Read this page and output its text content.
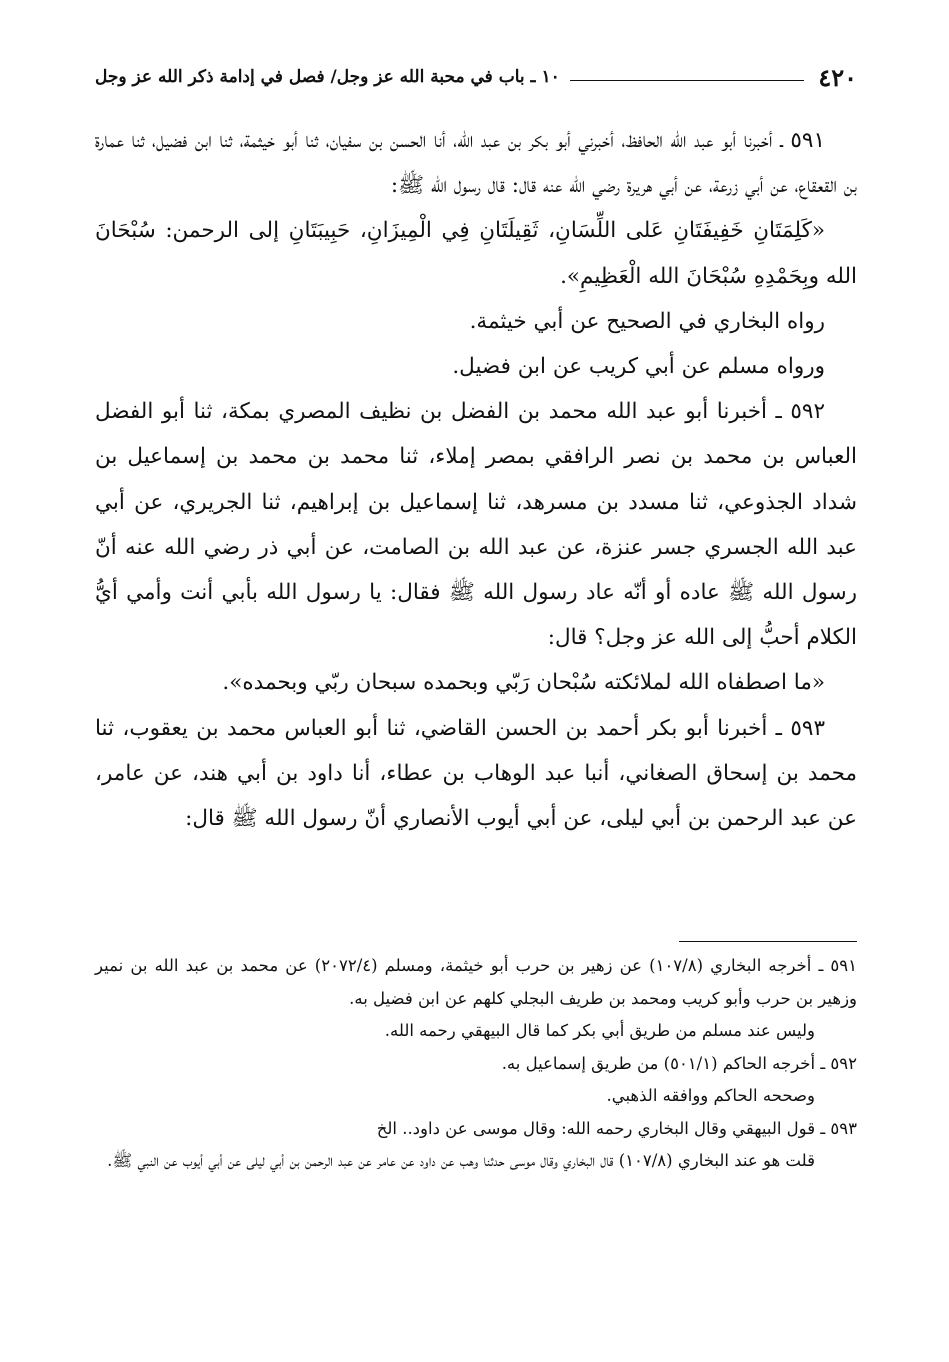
٤٢٠
١٠ ـ باب في محبة الله عز وجل/ فصل في إدامة ذكر الله عز وجل

٥٩١ ـ أخبرنا أبو عبد الله الحافظ، أخبرني أبو بكر بن عبد الله، أنا الحسن بن سفيان، ثنا أبو خيثمة، ثنا ابن فضيل، ثنا عمارة بن القعقاع، عن أبي زرعة، عن أبي هريرة رضي الله عنه قال: قال رسول الله ﷺ:

«كَلِمَتَانِ خَفِيفَتَانِ عَلى اللِّسَانِ، ثَقِيلَتَانِ فِي الْمِيزَانِ، حَبِيبَتَانِ إلى الرحمن: سُبْحَانَ الله وبِحَمْدِهِ سُبْحَانَ الله الْعَظِيمِ».

رواه البخاري في الصحيح عن أبي خيثمة.

ورواه مسلم عن أبي كريب عن ابن فضيل.

٥٩٢ ـ أخبرنا أبو عبد الله محمد بن الفضل بن نظيف المصري بمكة، ثنا أبو الفضل العباس بن محمد بن نصر الرافقي بمصر إملاء، ثنا محمد بن محمد بن إسماعيل بن شداد الجذوعي، ثنا مسدد بن مسرهد، ثنا إسماعيل بن إبراهيم، ثنا الجريري، عن أبي عبد الله الجسري جسر عنزة، عن عبد الله بن الصامت، عن أبي ذر رضي الله عنه أنّ رسول الله ﷺ عاده أو أنّه عاد رسول الله ﷺ فقال: يا رسول الله بأبي أنت وأمي أيُّ الكلام أحبُّ إلى الله عز وجل؟ قال:

«ما اصطفاه الله لملائكته سُبْحان رَبّي وبحمده سبحان ربّي وبحمده».

٥٩٣ ـ أخبرنا أبو بكر أحمد بن الحسن القاضي، ثنا أبو العباس محمد بن يعقوب، ثنا محمد بن إسحاق الصغاني، أنبا عبد الوهاب بن عطاء، أنا داود بن أبي هند، عن عامر، عن عبد الرحمن بن أبي ليلى، عن أبي أيوب الأنصاري أنّ رسول الله ﷺ قال:

٥٩١ ـ أخرجه البخاري (١٠٧/٨) عن زهير بن حرب أبو خيثمة، ومسلم (٢٠٧٢/٤) عن محمد بن عبد الله بن نمير وزهير بن حرب وأبو كريب ومحمد بن طريف البجلي كلهم عن ابن فضيل به.

وليس عند مسلم من طريق أبي بكر كما قال البيهقي رحمه الله.

٥٩٢ ـ أخرجه الحاكم (٥٠١/١) من طريق إسماعيل به.

وصححه الحاكم ووافقه الذهبي.

٥٩٣ ـ قول البيهقي وقال البخاري رحمه الله: وقال موسى عن داود.. الخ

قلت هو عند البخاري (١٠٧/٨) قال البخاري وقال موسى حدثنا وهب عن داود عن عامر عن عبد الرحمن بن أبي ليلى عن أبي أيوب عن النبي ﷺ.
